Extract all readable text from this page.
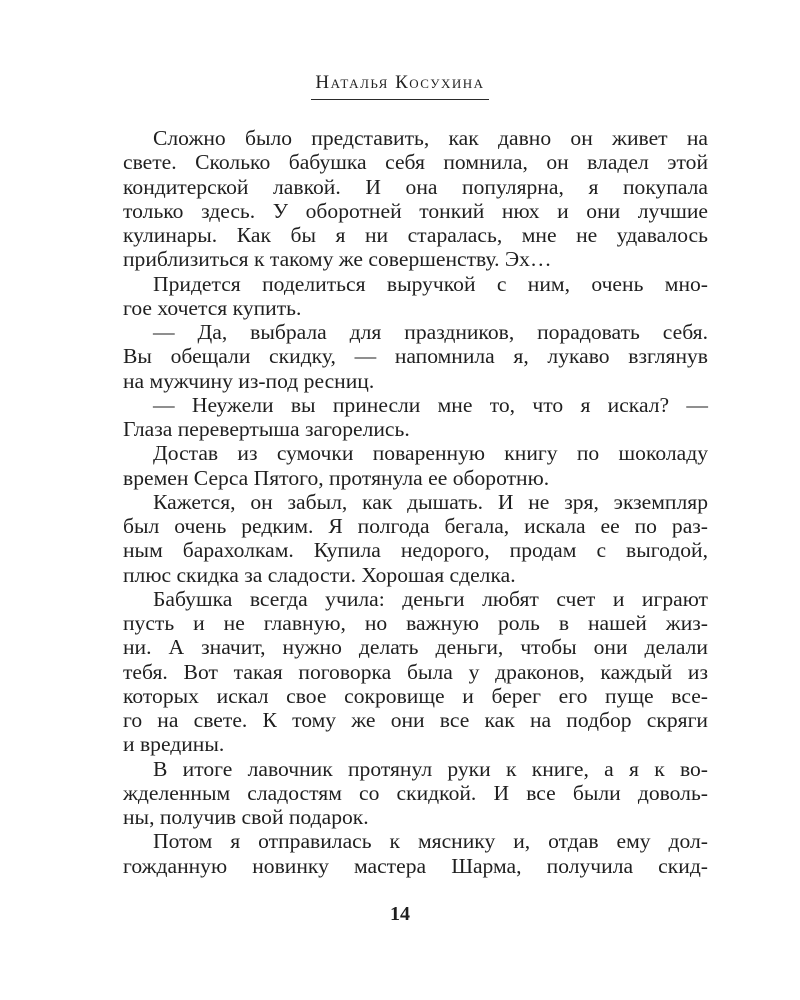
Наталья Косухина
Сложно было представить, как давно он живет на
свете. Сколько бабушка себя помнила, он владел этой
кондитерской лавкой. И она популярна, я покупала
только здесь. У оборотней тонкий нюх и они лучшие
кулинары. Как бы я ни старалась, мне не удавалось
приблизиться к такому же совершенству. Эх…
Придется поделиться выручкой с ним, очень мно-
гое хочется купить.
— Да, выбрала для праздников, порадовать себя.
Вы обещали скидку, — напомнила я, лукаво взглянув
на мужчину из-под ресниц.
— Неужели вы принесли мне то, что я искал? —
Глаза перевертыша загорелись.
Достав из сумочки поваренную книгу по шоколаду
времен Серса Пятого, протянула ее оборотню.
Кажется, он забыл, как дышать. И не зря, экземпляр
был очень редким. Я полгода бегала, искала ее по раз-
ным барахолкам. Купила недорого, продам с выгодой,
плюс скидка за сладости. Хорошая сделка.
Бабушка всегда учила: деньги любят счет и играют
пусть и не главную, но важную роль в нашей жиз-
ни. А значит, нужно делать деньги, чтобы они делали
тебя. Вот такая поговорка была у драконов, каждый из
которых искал свое сокровище и берег его пуще все-
го на свете. К тому же они все как на подбор скряги
и вредины.
В итоге лавочник протянул руки к книге, а я к во-
жделенным сладостям со скидкой. И все были доволь-
ны, получив свой подарок.
Потом я отправилась к мяснику и, отдав ему дол-
гожданную новинку мастера Шарма, получила скид-
14
